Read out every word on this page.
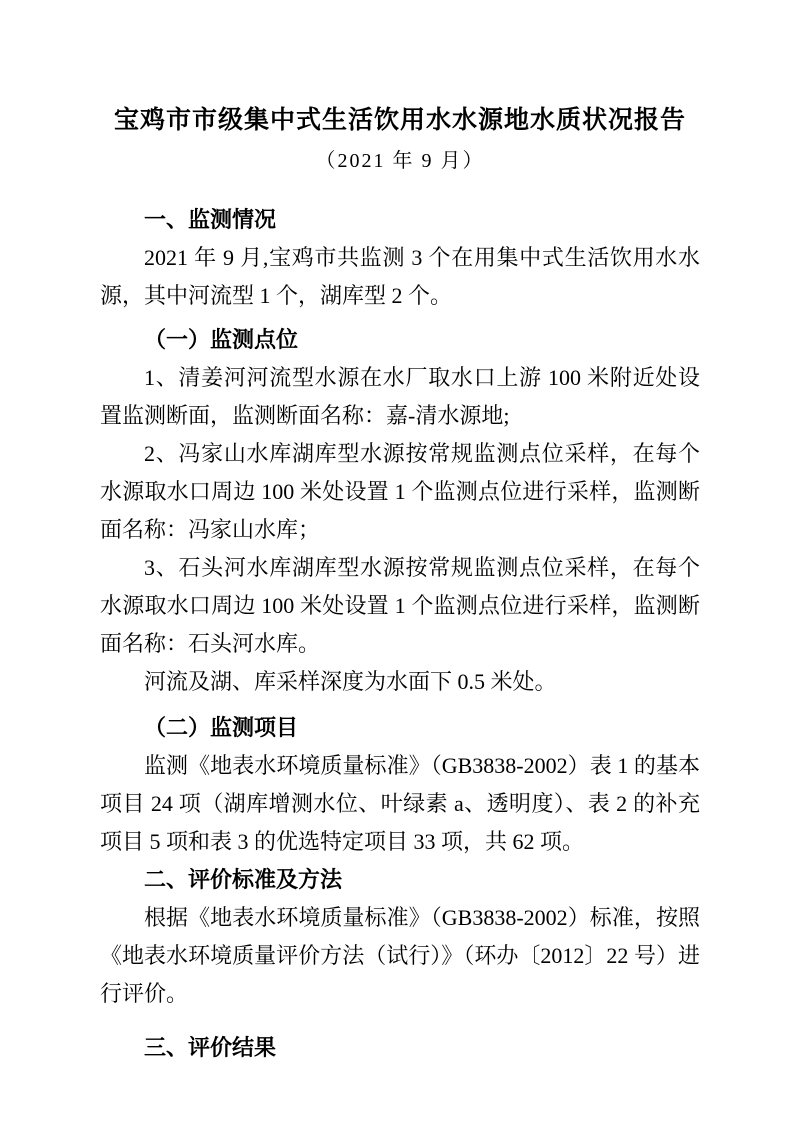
宝鸡市市级集中式生活饮用水水源地水质状况报告
（2021 年 9 月）
一、监测情况

2021 年 9 月,宝鸡市共监测 3 个在用集中式生活饮用水水源，其中河流型 1 个，湖库型 2 个。

（一）监测点位

1、清姜河河流型水源在水厂取水口上游 100 米附近处设置监测断面，监测断面名称：嘉-清水源地;

2、冯家山水库湖库型水源按常规监测点位采样，在每个水源取水口周边 100 米处设置 1 个监测点位进行采样，监测断面名称：冯家山水库；

3、石头河水库湖库型水源按常规监测点位采样，在每个水源取水口周边 100 米处设置 1 个监测点位进行采样，监测断面名称：石头河水库。

河流及湖、库采样深度为水面下 0.5 米处。

（二）监测项目

监测《地表水环境质量标准》（GB3838-2002）表 1 的基本项目 24 项（湖库增测水位、叶绿素 a、透明度）、表 2 的补充项目 5 项和表 3 的优选特定项目 33 项，共 62 项。

二、评价标准及方法

根据《地表水环境质量标准》（GB3838-2002）标准，按照《地表水环境质量评价方法（试行）》（环办〔2012〕22 号）进行评价。

三、评价结果
